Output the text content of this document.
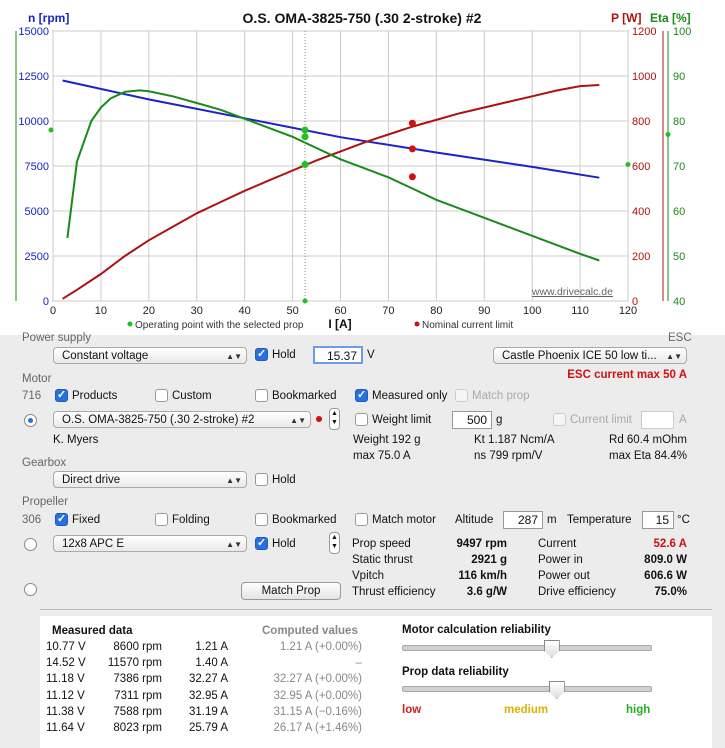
0	10	20	30	40	50	60	70	80	90	100	110	120
0
2500
5000
7500
10000
12500
15000
0
200
400
600
800
1000
1200
40
50
60
70
80
90
100
O.S. OMA-3825-750 (.30 2-stroke) #2
n [rpm]	P [W] Eta [%]
I [A]
www.drivecalc.de
Operating point with the selected prop	Nominal current limit
Power supply	ESC
Constant voltage	▲▼ ✓	Hold	15.37 V	Castle Phoenix ICE 50 low ti... ▲▼
ESC current max 50 A
Motor
716 ✓	Products	Custom	Bookmarked ✓	Measured only Match prop
O.S. OMA-3825-750 (.30 2-stroke) #2	▲▼
▲
▼	Weight limit	500 g	Current limit	A
K. Myers	Weight 192 g	Kt 1.187 Ncm/A	Rd 60.4 mOhm
max 75.0 A	ns 799 rpm/V	max Eta 84.4%
Gearbox
Direct drive	▲▼	Hold
Propeller
306 ✓	Fixed	Folding	Bookmarked	Match motor Altitude	287 m Temperature	15 °C
12x8 APC E	▲▼ ✓	Hold
▲
▼
Match Prop
Prop speed	9497 rpm
Static thrust	2921 g
Vpitch	116 km/h
Thrust efficiency	3.6 g/W
Current	52.6 A
Power in	809.0 W
Power out	606.6 W
Drive efficiency	75.0%
Measured data	Computed values
10.77 V	8600 rpm	1.21 A	1.21 A (+0.00%)
14.52 V	11570 rpm	1.40 A	–
11.18 V	7386 rpm	32.27 A	32.27 A (+0.00%)
11.12 V	7311 rpm	32.95 A	32.95 A (+0.00%)
11.38 V	7588 rpm	31.19 A	31.15 A (−0.16%)
11.64 V	8023 rpm	25.79 A	26.17 A (+1.46%)
Motor calculation reliability
Prop data reliability
low	medium	high
